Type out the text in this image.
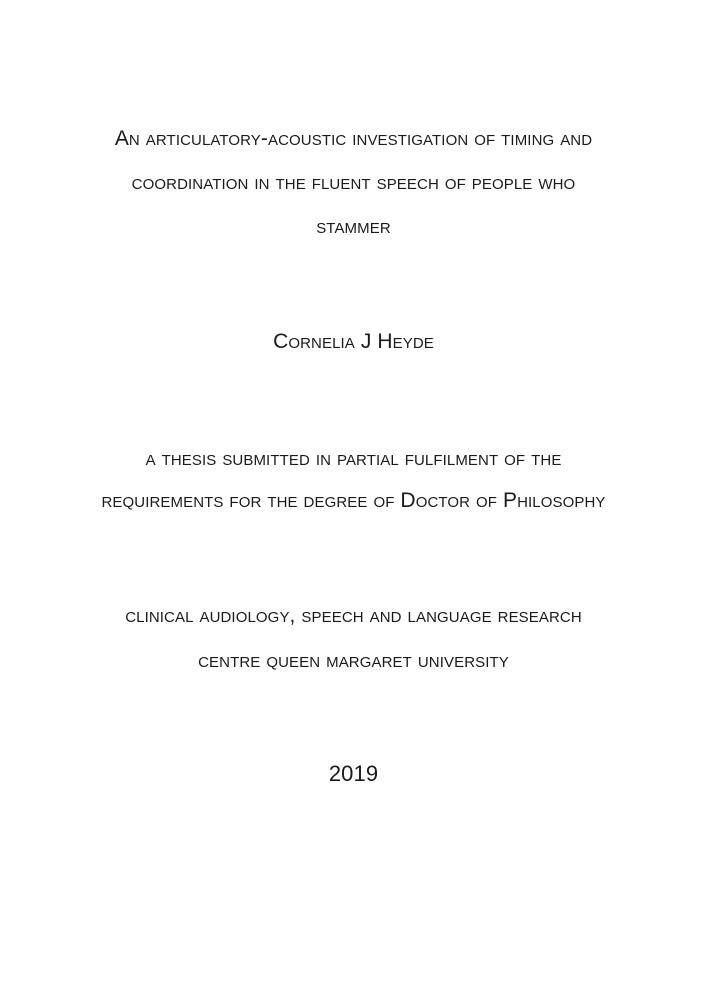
An articulatory-acoustic investigation of timing and
coordination in the fluent speech of people who
stammer
Cornelia J Heyde
a thesis submitted in partial fulfilment of the
requirements for the degree of Doctor of Philosophy
clinical audiology, speech and language research
centre queen margaret university
2019
